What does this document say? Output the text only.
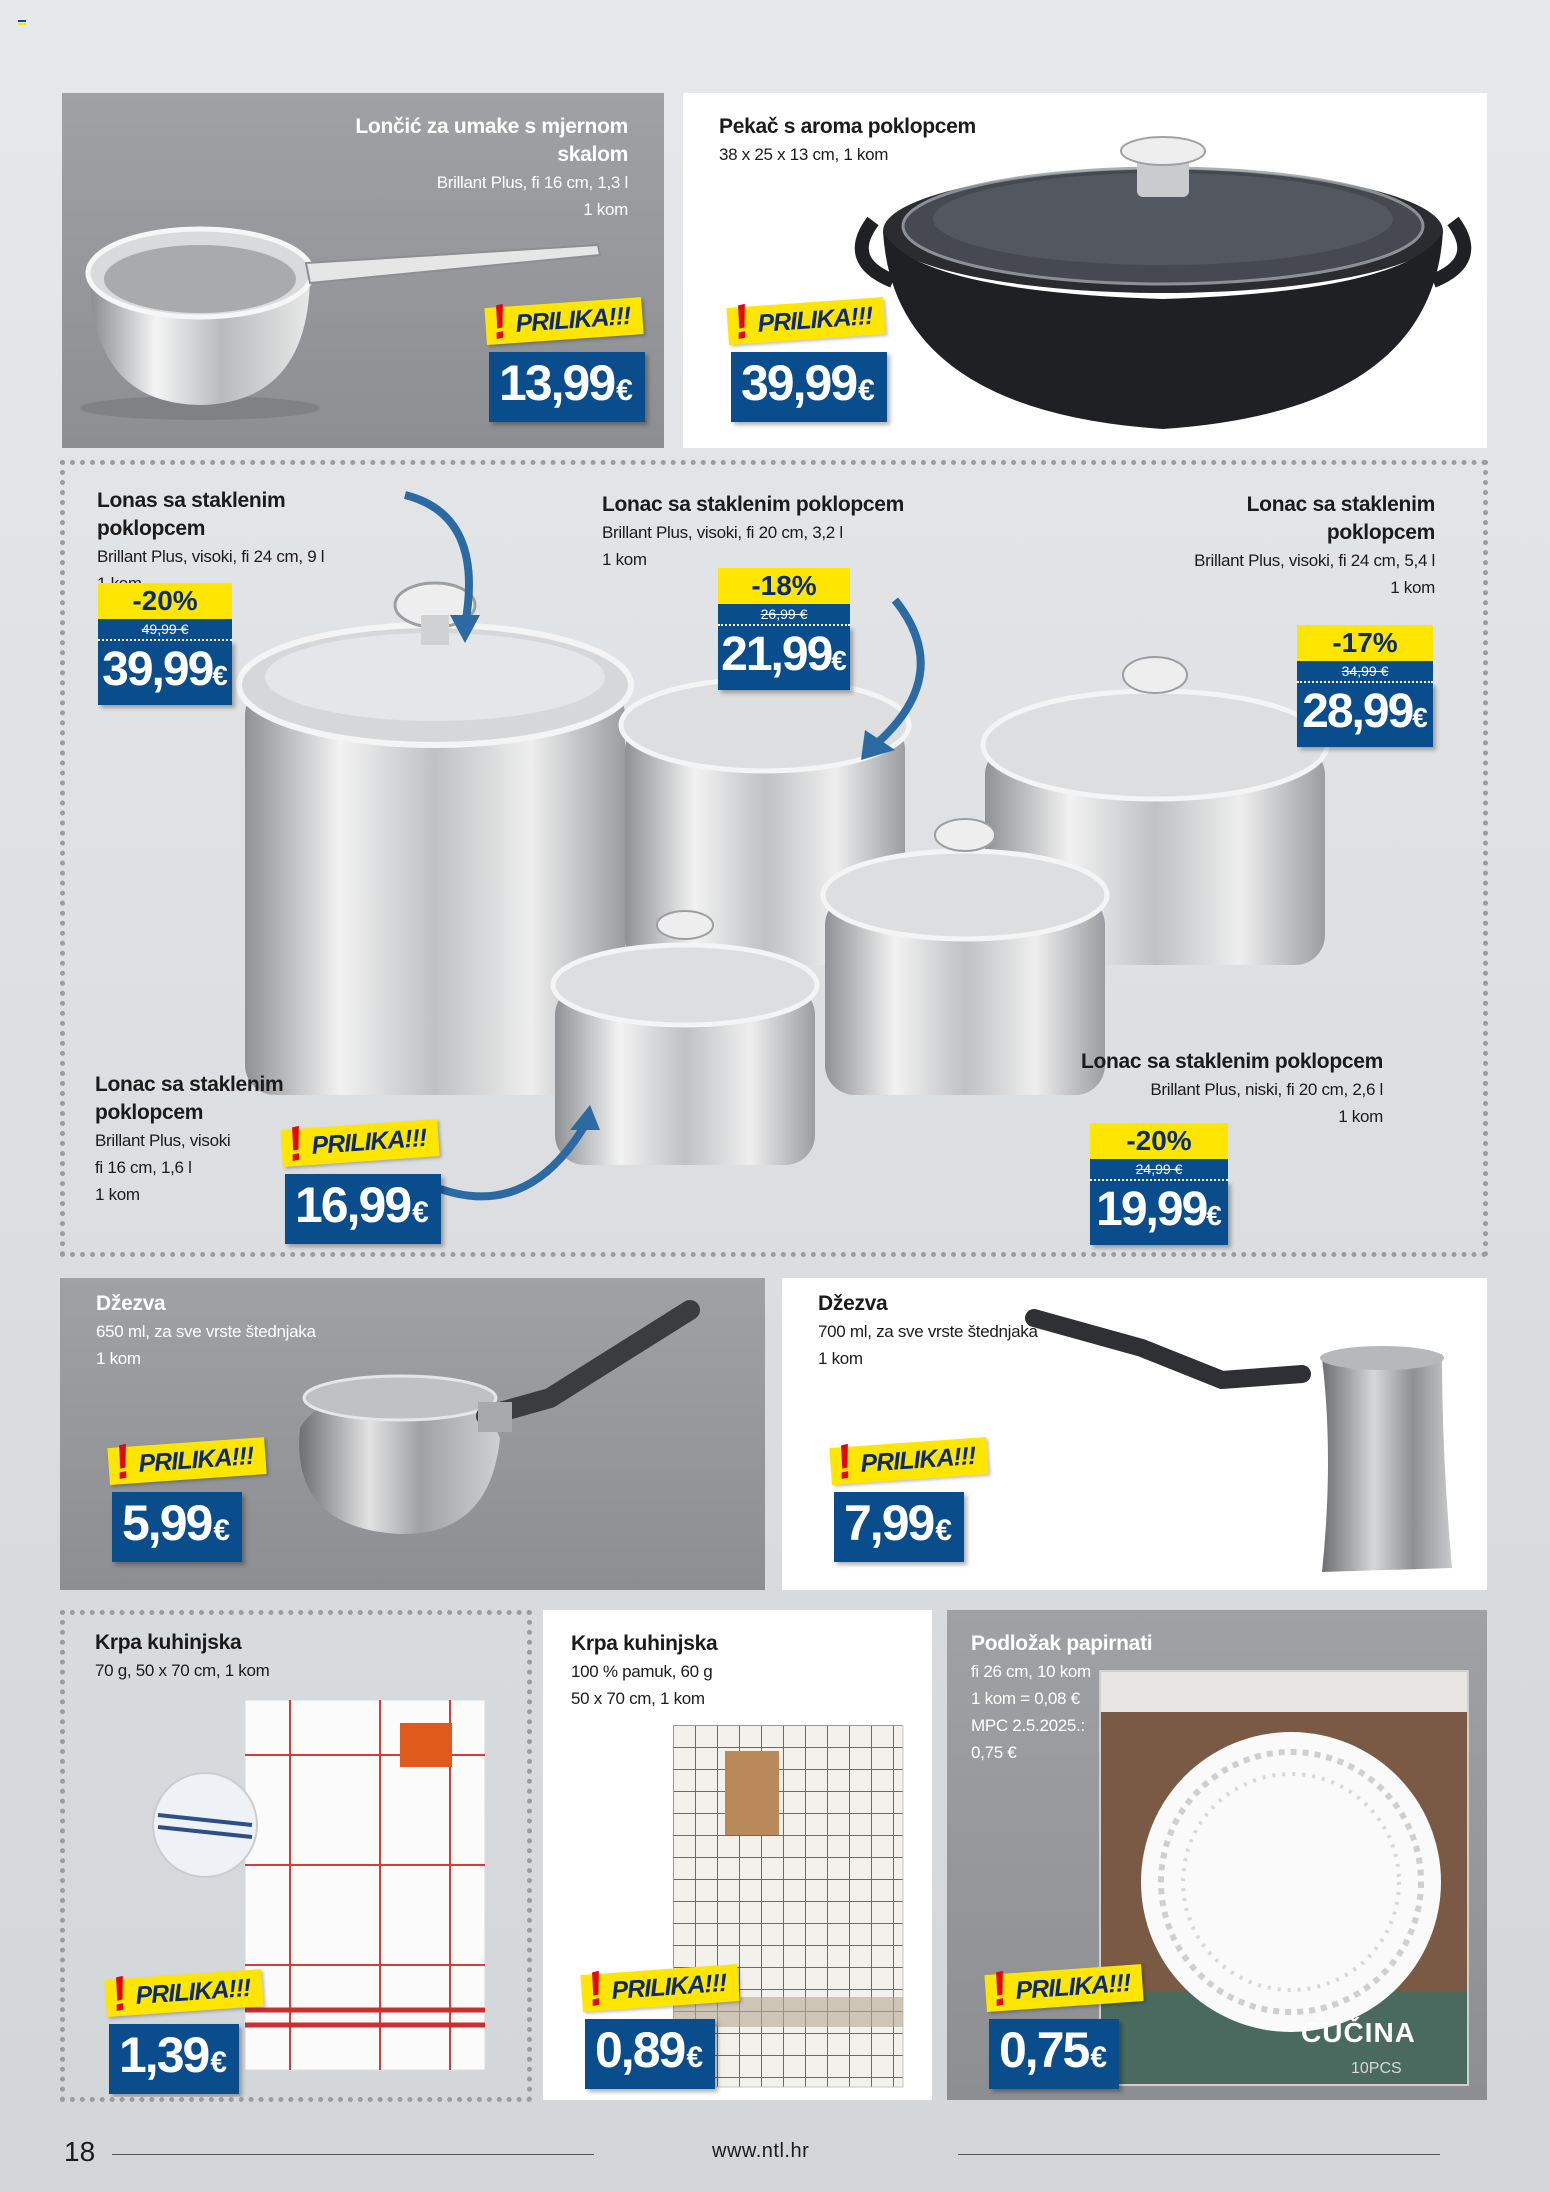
Lončić za umake s mjernom skalom
Brillant Plus, fi 16 cm, 1,3 l
1 kom
! PRILIKA!!!
13,99€
Pekač s aroma poklopcem
38 x 25 x 13 cm, 1 kom
! PRILIKA!!!
39,99€
Lonas sa staklenim poklopcem
Brillant Plus, visoki, fi 24 cm, 9 l
-20%
49,99 €
39,99€
Lonac sa staklenim poklopcem
Brillant Plus, visoki, fi 20 cm, 3,2 l
1 kom
-18%
26,99 €
21,99€
Lonac sa staklenim
poklopcem
Brillant Plus, visoki, fi 24 cm, 5,4 l
1 kom
-17%
34,99 €
28,99€
Lonac sa staklenim poklopcem
Brillant Plus, visoki
fi 16 cm, 1,6 l
1 kom
! PRILIKA!!!
16,99€
Lonac sa staklenim poklopcem
Brillant Plus, niski, fi 20 cm, 2,6 l
1 kom
-20%
24,99 €
19,99€
Džezva
650 ml, za sve vrste štednjaka
1 kom
! PRILIKA!!!
5,99€
Džezva
700 ml, za sve vrste štednjaka
1 kom
! PRILIKA!!!
7,99€
Krpa kuhinjska
70 g, 50 x 70 cm, 1 kom
! PRILIKA!!!
1,39€
Krpa kuhinjska
100 % pamuk, 60 g
50 x 70 cm, 1 kom
! PRILIKA!!!
0,89€
Podložak papirnati
fi 26 cm, 10 kom
1 kom = 0,08 €
MPC 2.5.2025.:
0,75 €
CUČINA
10PCS
! PRILIKA!!!
0,75€
18	www.ntl.hr
